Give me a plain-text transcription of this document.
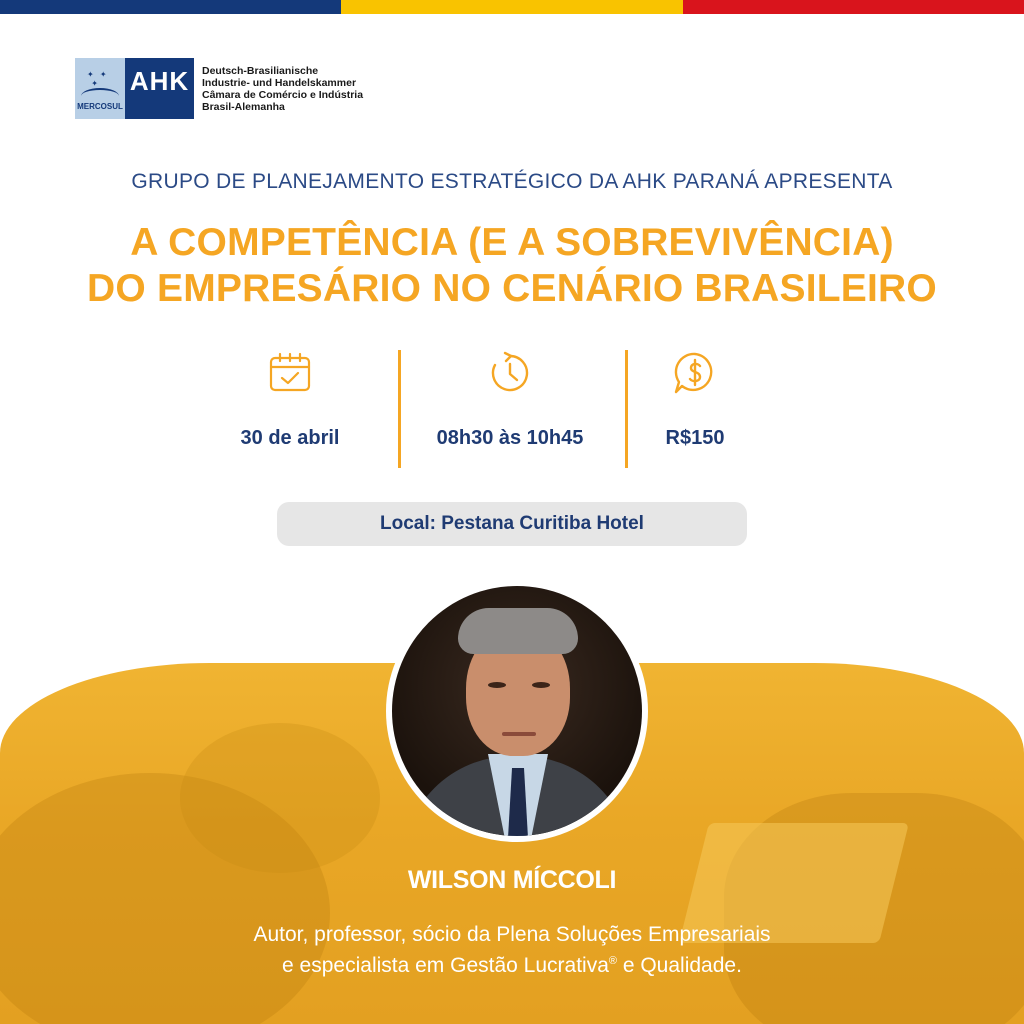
✦ ✦
✦
MERCOSUL
AHK	Deutsch-Brasilianische
Industrie- und Handelskammer
Câmara de Comércio e Indústria
Brasil-Alemanha
GRUPO DE PLANEJAMENTO ESTRATÉGICO DA AHK PARANÁ APRESENTA
A COMPETÊNCIA (E A SOBREVIVÊNCIA)
DO EMPRESÁRIO NO CENÁRIO BRASILEIRO
30 de abril	08h30 às 10h45	R$150
Local: Pestana Curitiba Hotel
WILSON MÍCCOLI
Autor, professor, sócio da Plena Soluções Empresariais
e especialista em Gestão Lucrativa® e Qualidade.
